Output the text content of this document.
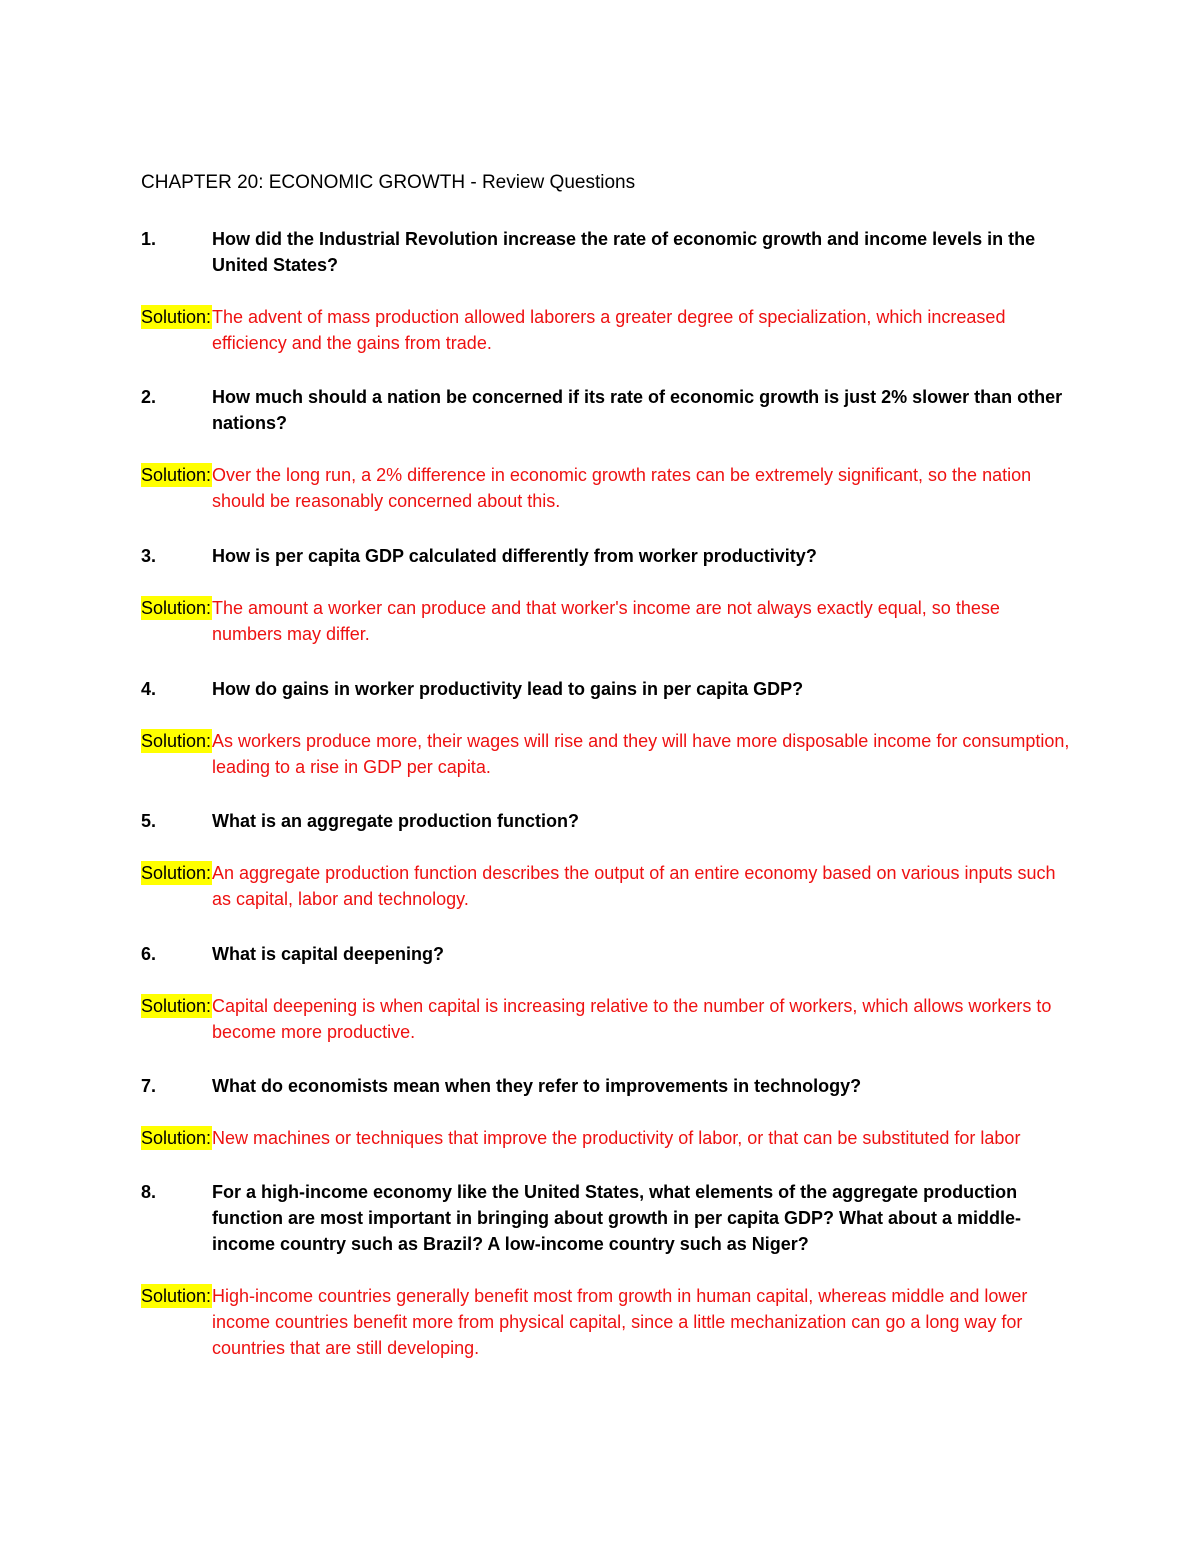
CHAPTER 20: ECONOMIC GROWTH - Review Questions
1.	How did the Industrial Revolution increase the rate of economic growth and income levels in the United States?
Solution: The advent of mass production allowed laborers a greater degree of specialization, which increased efficiency and the gains from trade.
2.	How much should a nation be concerned if its rate of economic growth is just 2% slower than other nations?
Solution: Over the long run, a 2% difference in economic growth rates can be extremely significant, so the nation should be reasonably concerned about this.
3.	How is per capita GDP calculated differently from worker productivity?
Solution: The amount a worker can produce and that worker's income are not always exactly equal, so these numbers may differ.
4.	How do gains in worker productivity lead to gains in per capita GDP?
Solution: As workers produce more, their wages will rise and they will have more disposable income for consumption, leading to a rise in GDP per capita.
5.	What is an aggregate production function?
Solution: An aggregate production function describes the output of an entire economy based on various inputs such as capital, labor and technology.
6.	What is capital deepening?
Solution: Capital deepening is when capital is increasing relative to the number of workers, which allows workers to become more productive.
7.	What do economists mean when they refer to improvements in technology?
Solution: New machines or techniques that improve the productivity of labor, or that can be substituted for labor
8.	For a high-income economy like the United States, what elements of the aggregate production function are most important in bringing about growth in per capita GDP? What about a middle-income country such as Brazil? A low-income country such as Niger?
Solution: High-income countries generally benefit most from growth in human capital, whereas middle and lower income countries benefit more from physical capital, since a little mechanization can go a long way for countries that are still developing.
